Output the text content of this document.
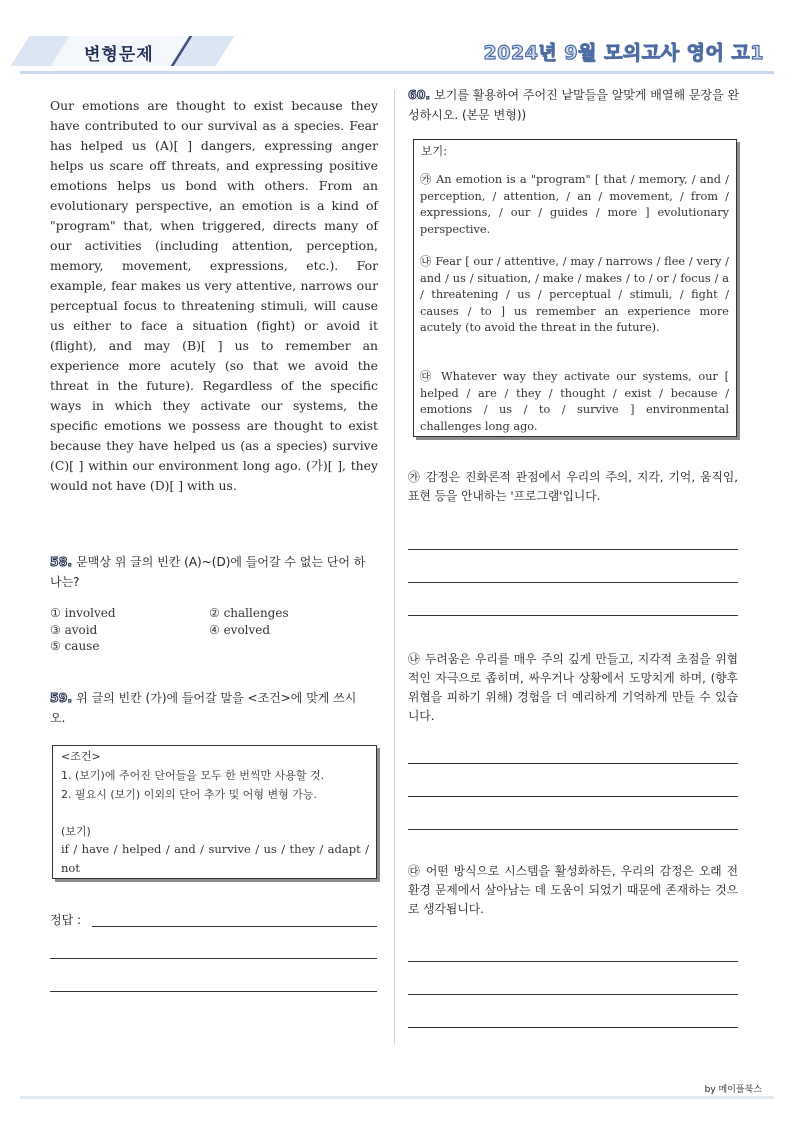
변형문제	2024년 9월 모의고사 영어 고1
Our emotions are thought to exist because they have contributed to our survival as a species. Fear has helped us (A)[ ] dangers, expressing anger helps us scare off threats, and expressing positive emotions helps us bond with others. From an evolutionary perspective, an emotion is a kind of "program" that, when triggered, directs many of our activities (including attention, perception, memory, movement, expressions, etc.). For example, fear makes us very attentive, narrows our perceptual focus to threatening stimuli, will cause us either to face a situation (fight) or avoid it (flight), and may (B)[ ] us to remember an experience more acutely (so that we avoid the threat in the future). Regardless of the specific ways in which they activate our systems, the specific emotions we possess are thought to exist because they have helped us (as a species) survive (C)[ ] within our environment long ago. (가)[ ], they would not have (D)[ ] with us.
58. 문맥상 위 글의 빈칸 (A)~(D)에 들어갈 수 없는 단어 하나는?
① involved	② challenges
③ avoid	④ evolved
⑤ cause
59. 위 글의 빈칸 (가)에 들어갈 말을 <조건>에 맞게 쓰시오.
<조건>
1. (보기)에 주어진 단어들을 모두 한 번씩만 사용할 것.
2. 필요시 (보기) 이외의 단어 추가 및 어형 변형 가능.
(보기)
if / have / helped / and / survive / us / they / adapt / not
정답 :
60. 보기를 활용하여 주어진 낱말들을 알맞게 배열해 문장을 완성하시오. (본문 변형))
보기:
㉮ An emotion is a "program" [ that / memory, / and / perception, / attention, / an / movement, / from / expressions, / our / guides / more ] evolutionary perspective.
㉯ Fear [ our / attentive, / may / narrows / flee / very / and / us / situation, / make / makes / to / or / focus / a / threatening / us / perceptual / stimuli, / fight / causes / to ] us remember an experience more acutely (to avoid the threat in the future).
㉰ Whatever way they activate our systems, our [ helped / are / they / thought / exist / because / emotions / us / to / survive ] environmental challenges long ago.
㉮ 감정은 진화론적 관점에서 우리의 주의, 지각, 기억, 움직임, 표현 등을 안내하는 '프로그램'입니다.
㉯ 두려움은 우리를 매우 주의 깊게 만들고, 지각적 초점을 위협적인 자극으로 좁히며, 싸우거나 상황에서 도망치게 하며, (향후 위협을 피하기 위해) 경험을 더 예리하게 기억하게 만들 수 있습니다.
㉰ 어떤 방식으로 시스템을 활성화하든, 우리의 감정은 오래 전 환경 문제에서 살아남는 데 도움이 되었기 때문에 존재하는 것으로 생각됩니다.
by 메이플북스
